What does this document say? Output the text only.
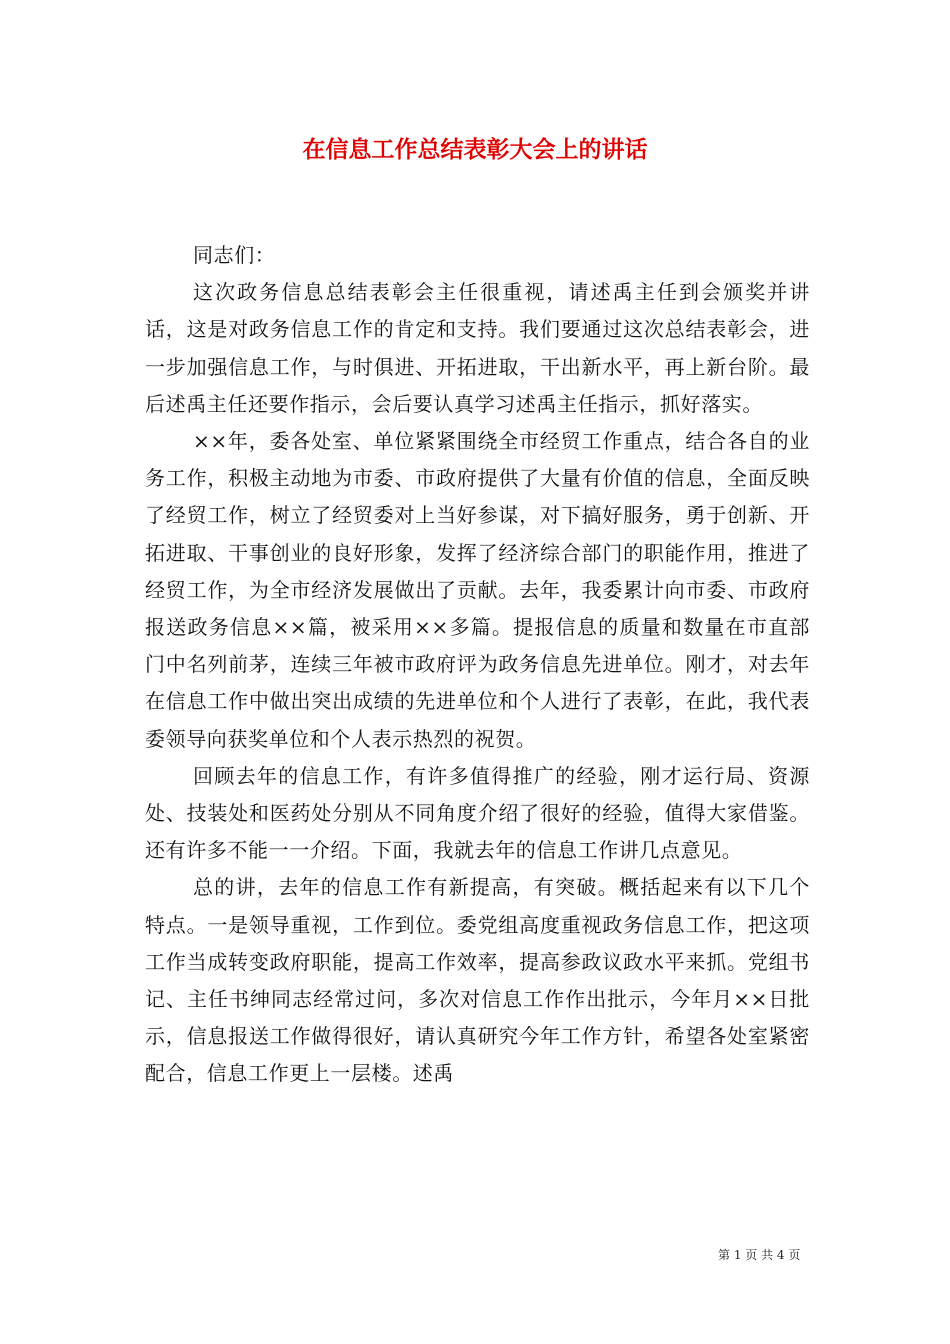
在信息工作总结表彰大会上的讲话

同志们：

这次政务信息总结表彰会主任很重视，请述禹主任到会颁奖并讲话，这是对政务信息工作的肯定和支持。我们要通过这次总结表彰会，进一步加强信息工作，与时俱进、开拓进取，干出新水平，再上新台阶。最后述禹主任还要作指示，会后要认真学习述禹主任指示，抓好落实。

××年，委各处室、单位紧紧围绕全市经贸工作重点，结合各自的业务工作，积极主动地为市委、市政府提供了大量有价值的信息，全面反映了经贸工作，树立了经贸委对上当好参谋，对下搞好服务，勇于创新、开拓进取、干事创业的良好形象，发挥了经济综合部门的职能作用，推进了经贸工作，为全市经济发展做出了贡献。去年，我委累计向市委、市政府报送政务信息××篇，被采用××多篇。提报信息的质量和数量在市直部门中名列前茅，连续三年被市政府评为政务信息先进单位。刚才，对去年在信息工作中做出突出成绩的先进单位和个人进行了表彰，在此，我代表委领导向获奖单位和个人表示热烈的祝贺。

回顾去年的信息工作，有许多值得推广的经验，刚才运行局、资源处、技装处和医药处分别从不同角度介绍了很好的经验，值得大家借鉴。还有许多不能一一介绍。下面，我就去年的信息工作讲几点意见。

总的讲，去年的信息工作有新提高，有突破。概括起来有以下几个特点。一是领导重视，工作到位。委党组高度重视政务信息工作，把这项工作当成转变政府职能，提高工作效率，提高参政议政水平来抓。党组书记、主任书绅同志经常过问，多次对信息工作作出批示，今年月××日批示，信息报送工作做得很好，请认真研究今年工作方针，希望各处室紧密配合，信息工作更上一层楼。述禹

第 1 页 共 4 页
